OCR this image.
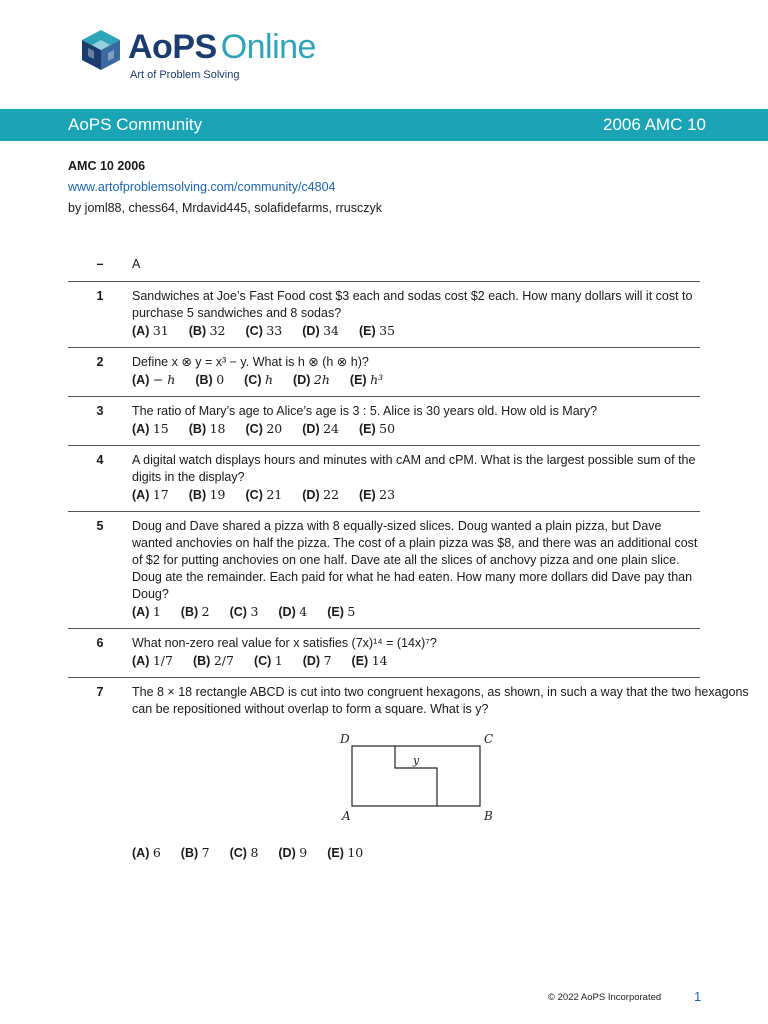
AoPS Online
Art of Problem Solving
AoPS Community	2006 AMC 10
AMC 10 2006
www.artofproblemsolving.com/community/c4804
by joml88, chess64, Mrdavid445, solafidefarms, rrusczyk
–	A
1	Sandwiches at Joe’s Fast Food cost $3 each and sodas cost $2 each. How many dollars will it cost to purchase 5 sandwiches and 8 sodas?
(A) 31 (B) 32 (C) 33 (D) 34 (E) 35
2	Define x ⊗ y = x³ − y. What is h ⊗ (h ⊗ h)?
(A) − h (B) 0 (C) h (D) 2h (E) h³
3	The ratio of Mary’s age to Alice’s age is 3 : 5. Alice is 30 years old. How old is Mary?
(A) 15 (B) 18 (C) 20 (D) 24 (E) 50
4	A digital watch displays hours and minutes with cAM and cPM. What is the largest possible sum of the digits in the display?
(A) 17 (B) 19 (C) 21 (D) 22 (E) 23
5	Doug and Dave shared a pizza with 8 equally-sized slices. Doug wanted a plain pizza, but Dave wanted anchovies on half the pizza. The cost of a plain pizza was $8, and there was an additional cost of $2 for putting anchovies on one half. Dave ate all the slices of anchovy pizza and one plain slice. Doug ate the remainder. Each paid for what he had eaten. How many more dollars did Dave pay than Doug?
(A) 1 (B) 2 (C) 3 (D) 4 (E) 5
6	What non-zero real value for x satisfies (7x)¹⁴ = (14x)⁷?
(A) 1/7 (B) 2/7 (C) 1 (D) 7 (E) 14
7	The 8 × 18 rectangle ABCD is cut into two congruent hexagons, as shown, in such a way that the two hexagons can be repositioned without overlap to form a square. What is y?
D	C
A	B
y
(A) 6 (B) 7 (C) 8 (D) 9 (E) 10
© 2022 AoPS Incorporated	1
